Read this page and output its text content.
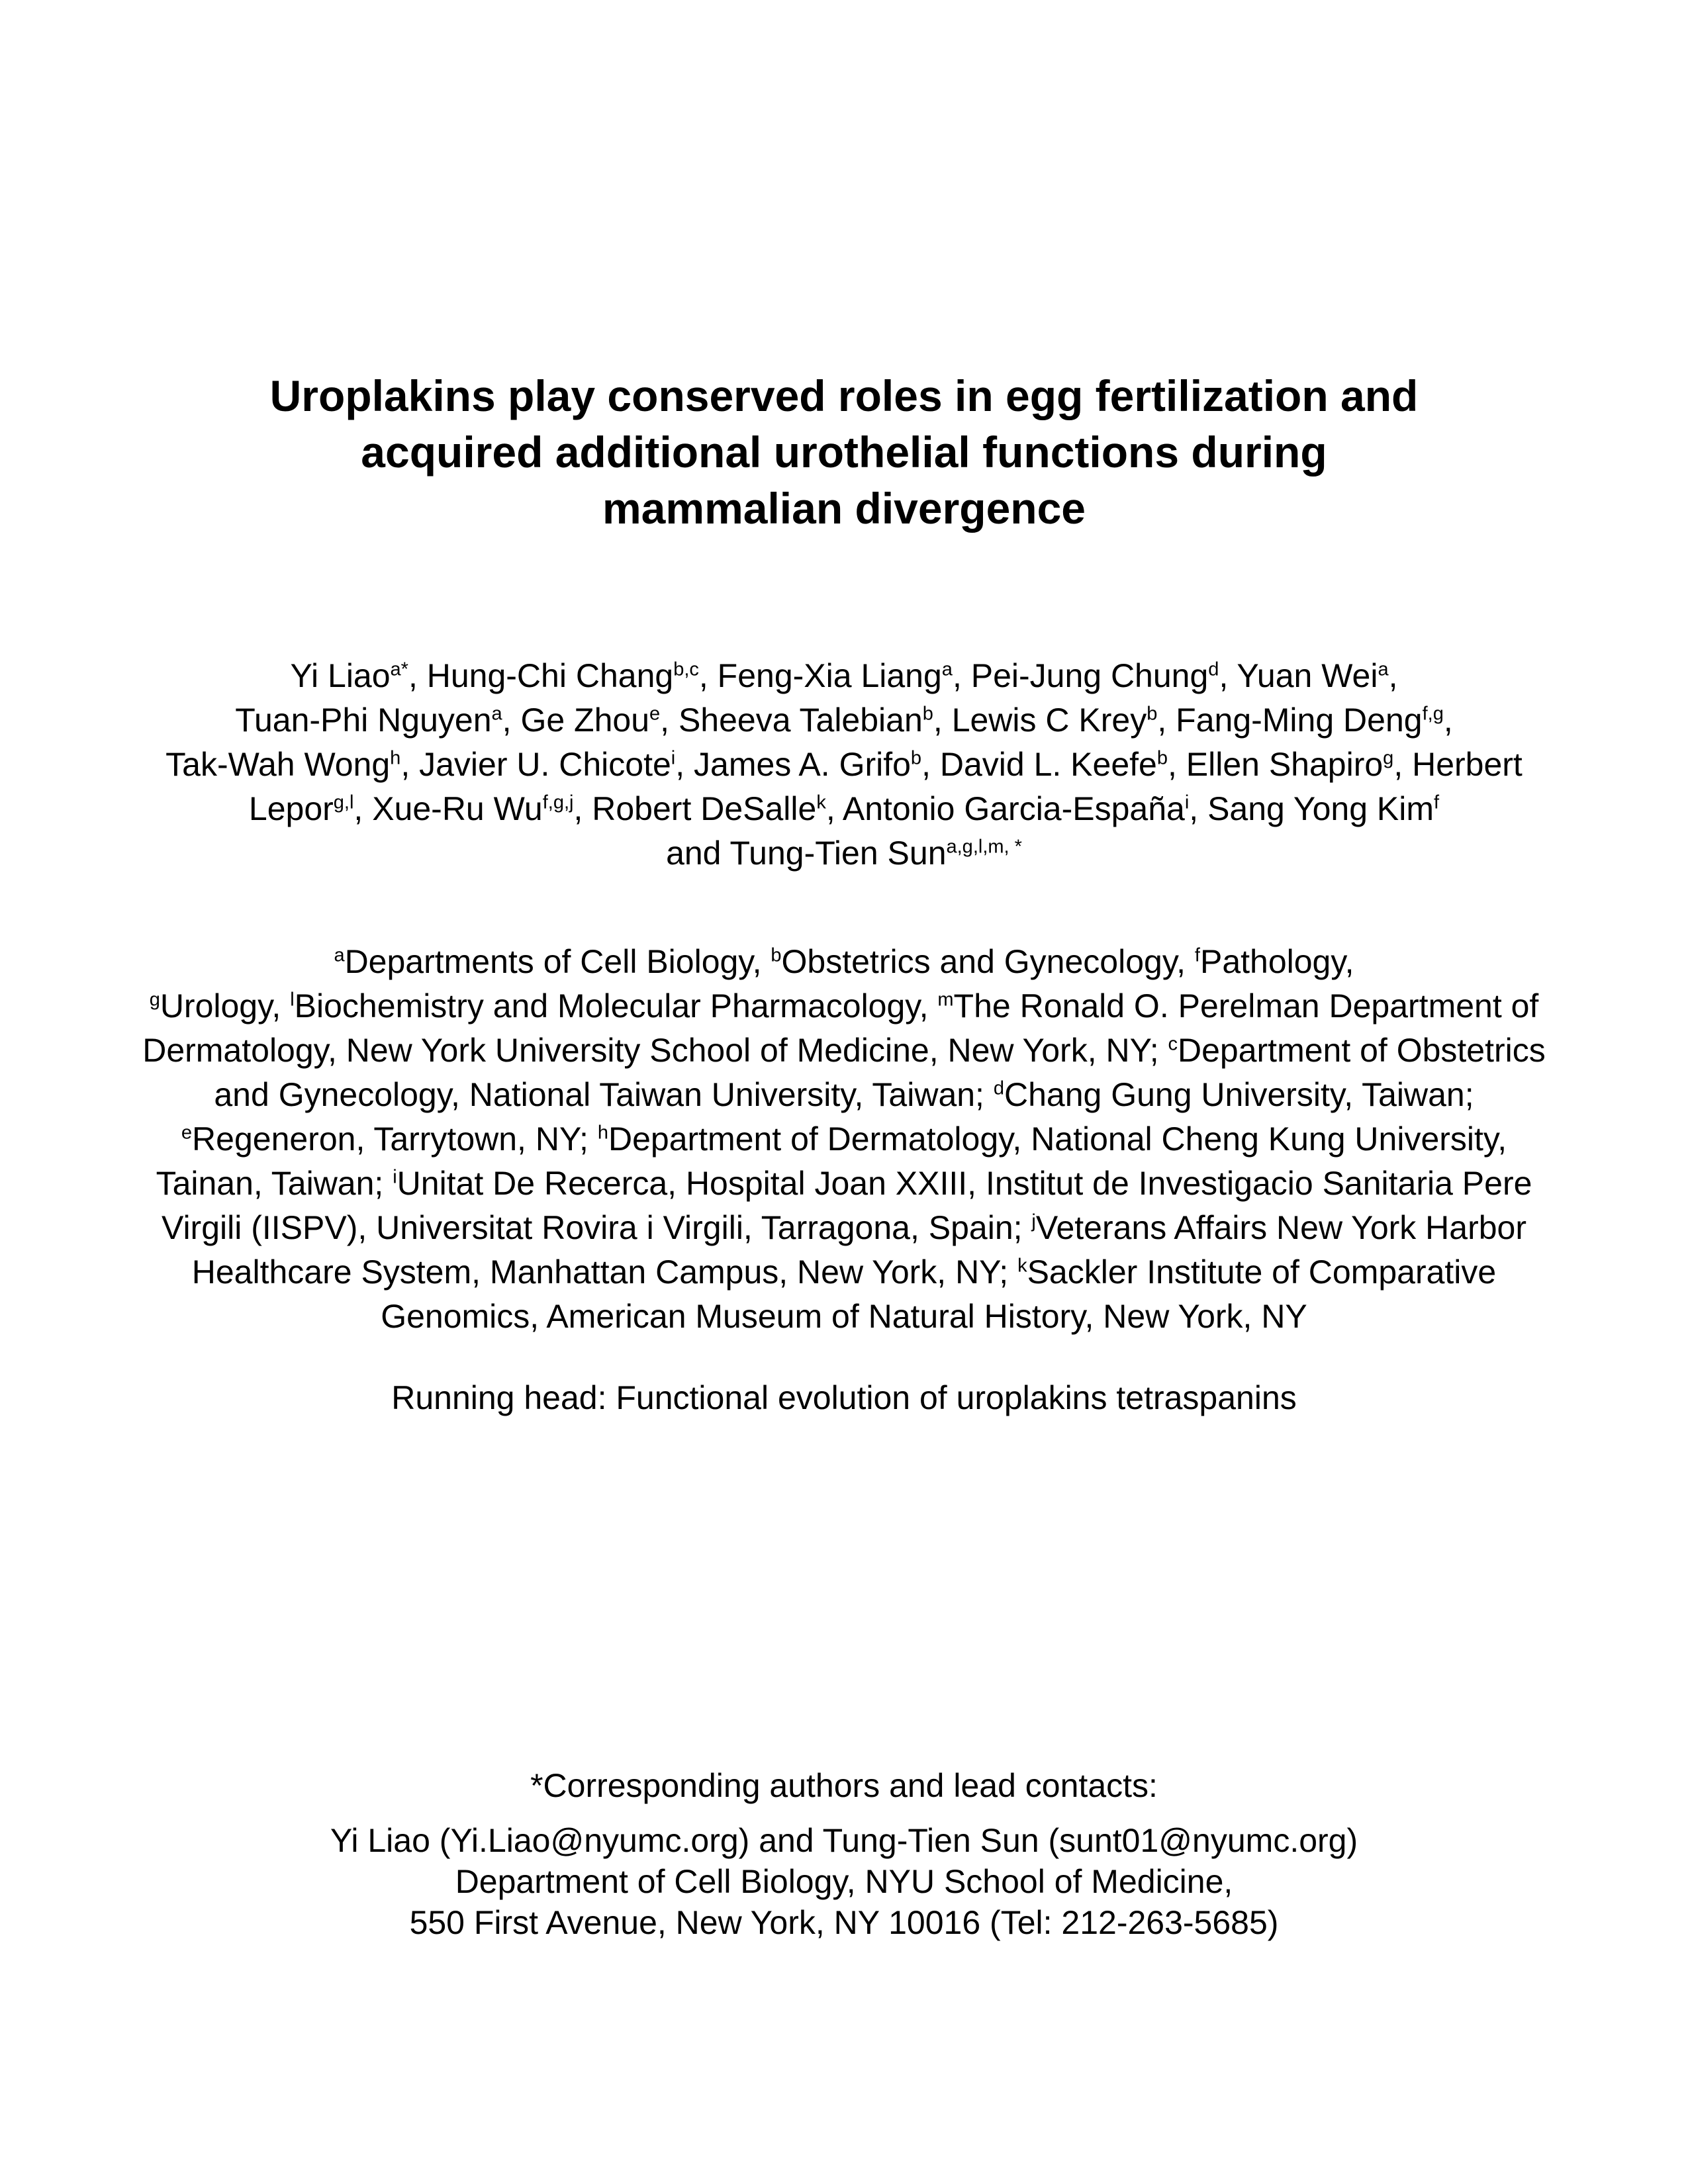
Uroplakins play conserved roles in egg fertilization and
acquired additional urothelial functions during
mammalian divergence
Yi Liao$^{a*}$, Hung-Chi Chang$^{b,c}$, Feng-Xia Liang$^a$, Pei-Jung Chung$^d$, Yuan Wei$^a$,
Tuan-Phi Nguyen$^a$, Ge Zhou$^e$, Sheeva Talebian$^b$, Lewis C Krey$^b$, Fang-Ming Deng$^{f,g}$,
Tak-Wah Wong$^h$, Javier U. Chicote$^i$, James A. Grifo$^b$, David L. Keefe$^b$, Ellen Shapiro$^g$, Herbert
Lepor$^{g,l}$, Xue-Ru Wu$^{f,g,j}$, Robert DeSalle$^k$, Antonio Garcia-España$^i$, Sang Yong Kim$^f$
and Tung-Tien Sun$^{a,g,l,m, *}$
$^a$Departments of Cell Biology, $^b$Obstetrics and Gynecology, $^f$Pathology,
$^g$Urology, $^l$Biochemistry and Molecular Pharmacology, $^m$The Ronald O. Perelman Department of
Dermatology, New York University School of Medicine, New York, NY; $^c$Department of Obstetrics
and Gynecology, National Taiwan University, Taiwan; $^d$Chang Gung University, Taiwan;
$^e$Regeneron, Tarrytown, NY; $^h$Department of Dermatology, National Cheng Kung University,
Tainan, Taiwan; $^i$Unitat De Recerca, Hospital Joan XXIII, Institut de Investigacio Sanitaria Pere
Virgili (IISPV), Universitat Rovira i Virgili, Tarragona, Spain; $^j$Veterans Affairs New York Harbor
Healthcare System, Manhattan Campus, New York, NY; $^k$Sackler Institute of Comparative
Genomics, American Museum of Natural History, New York, NY
Running head: Functional evolution of uroplakins tetraspanins
*Corresponding authors and lead contacts:
Yi Liao (Yi.Liao@nyumc.org) and Tung-Tien Sun (sunt01@nyumc.org)
Department of Cell Biology, NYU School of Medicine,
550 First Avenue, New York, NY 10016 (Tel: 212-263-5685)
